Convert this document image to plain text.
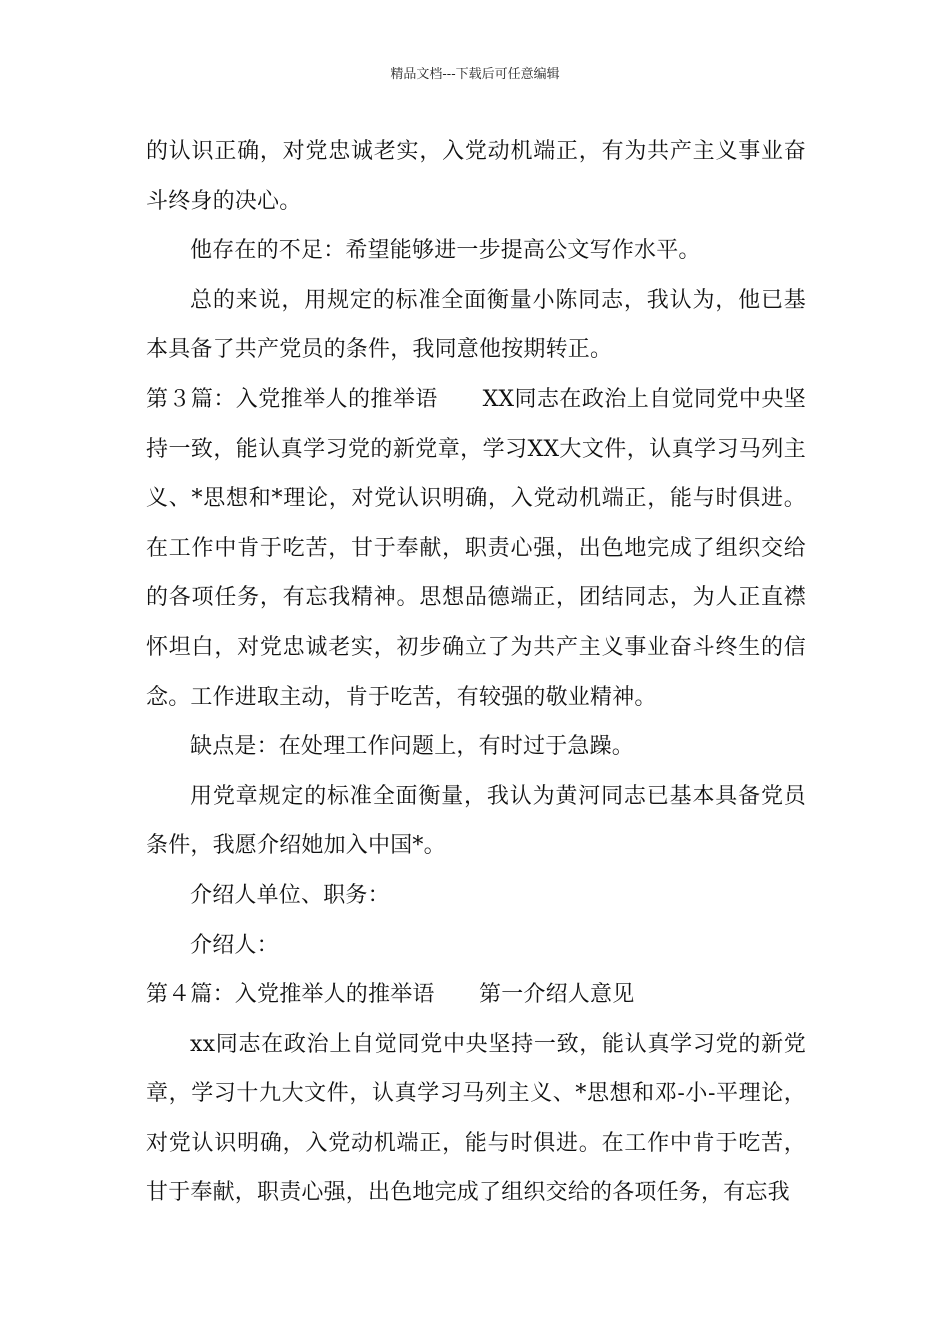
精品文档---下载后可任意编辑

的认识正确，对党忠诚老实，入党动机端正，有为共产主义事业奋斗终身的决心。

他存在的不足：希望能够进一步提高公文写作水平。

总的来说，用规定的标准全面衡量小陈同志，我认为，他已基本具备了共产党员的条件，我同意他按期转正。

第３篇：入党推举人的推举语　　XX同志在政治上自觉同党中央坚持一致，能认真学习党的新党章，学习XX大文件，认真学习马列主义、*思想和*理论，对党认识明确，入党动机端正，能与时俱进。在工作中肯于吃苦，甘于奉献，职责心强，出色地完成了组织交给的各项任务，有忘我精神。思想品德端正，团结同志，为人正直襟怀坦白，对党忠诚老实，初步确立了为共产主义事业奋斗终生的信念。工作进取主动，肯于吃苦，有较强的敬业精神。

缺点是：在处理工作问题上，有时过于急躁。

用党章规定的标准全面衡量，我认为黄河同志已基本具备党员条件，我愿介绍她加入中国*。

介绍人单位、职务：

介绍人：

第４篇：入党推举人的推举语　　第一介绍人意见

xx同志在政治上自觉同党中央坚持一致，能认真学习党的新党章，学习十九大文件，认真学习马列主义、*思想和邓-小-平理论，对党认识明确，入党动机端正，能与时俱进。在工作中肯于吃苦，甘于奉献，职责心强，出色地完成了组织交给的各项任务，有忘我
